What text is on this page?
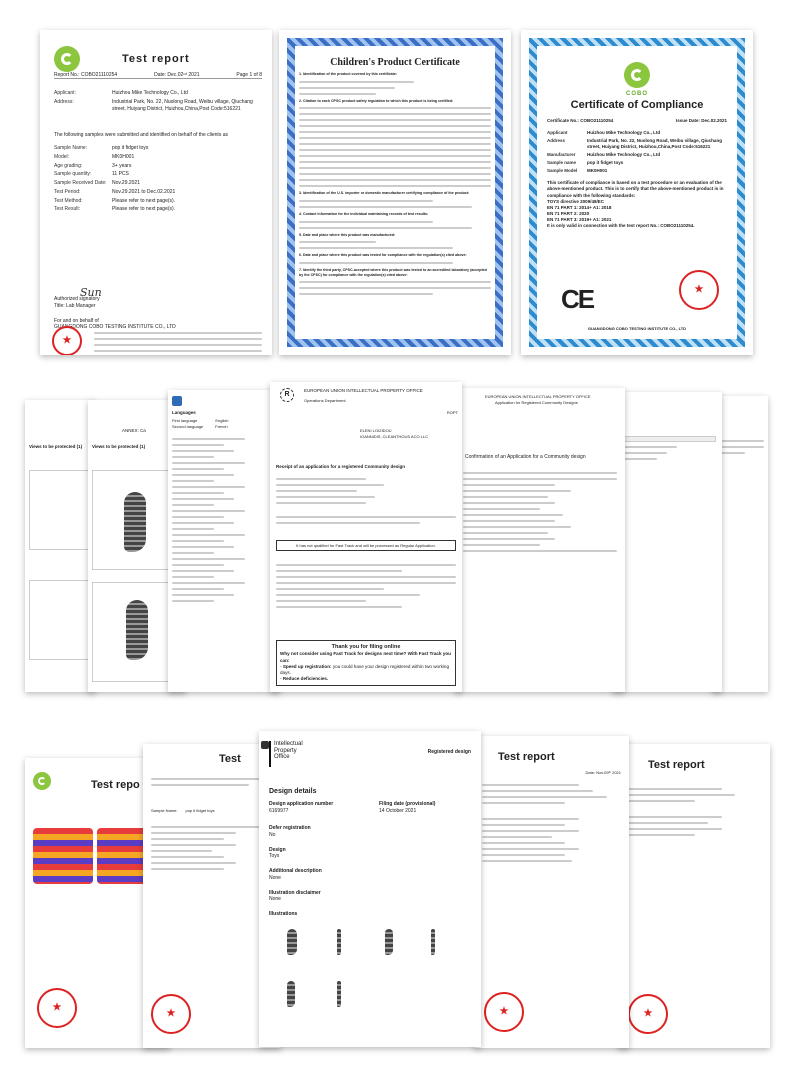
Test report
Report No.: COBO21110254	Date: Dec.02ⁿᵈ 2021	Page 1 of 8
Applicant:	Huizhou Mike Technology Co., Ltd
Address:	Industrial Park, No. 22, Nuolong Road, Weibu village, Qiuchang street, Huiyang District, Huizhou,China,Post Code:516221
The following samples were submitted and identified on behalf of the clients as
Sample Name:	pop it fidget toys
Model:	MK0H001
Age grading:	3+ years
Sample quantity:	11 PCS
Sample Received Date:	Nov.29.2021
Test Period:	Nov.29.2021 to Dec.02.2021
Test Method:	Please refer to next page(s).
Test Result:	Please refer to next page(s).
Authorized signatory
Title: Lab Manager
For and on behalf of
GUANGDONG COBO TESTING INSTITUTE CO., LTD
Sun
★
Children's Product Certificate
1. Identification of the product covered by this certificate:
2. Citation to each CPSC product safety regulation to which this product is being certified:
3. Identification of the U.S. importer or domestic manufacturer certifying compliance of the product:
4. Contact information for the individual maintaining records of test results:
5. Date and place where this product was manufactured:
6. Date and place where this product was tested for compliance with the regulation(s) cited above:
7. Identify the third party, CPSC-accepted where this product was tested to an accredited laboratory (accepted by the CPSC) for compliance with the regulation(s) cited above:
COBO
Certificate of Compliance
Certificate No.: COBO21110254	Issue Date: Dec.02.2021
Applicant	Huizhou Mike Technology Co., Ltd
Address	Industrial Park, No. 22, Nuolong Road, Weibu village, Qiuchang street, Huiyang District, Huizhou,China,Post Code:516221
Manufacturer	Huizhou Mike Technology Co., Ltd
Sample name	pop it fidget toys
Sample Model	MK0H001
This certificate of compliance is based on a test procedure or an evaluation of the above-mentioned product. This is to certify that the above-mentioned product is in compliance with the following standards:
TOYS directive 2009/48/EC
EN 71 PART 1: 2014+ A1: 2018
EN 71 PART 2: 2020
EN 71 PART 3: 2019+ A1: 2021
It is only valid in connection with the test report No.: COBO21110254.
CE	★
GUANGDONG COBO TESTING INSTITUTE CO., LTD
Views to be protected (1)
ANNEX: Ca
Views to be protected (1)
Languages
First language	English
Second language	French
R
EUROPEAN UNION INTELLECTUAL PROPERTY OFFICE
Operations Department
ROPT
ELENI LOIZIDOU
IOANNIDIS, CLEANTHOUS ACO LLC
Receipt of an application for a registered Community design
It has not qualified for Fast Track and will be processed as Regular Application.
Thank you for filing online
Why not consider using Fast Track for designs next time? With Fast Track you can:
- Speed up registration: you could have your design registered within two working days.
- Reduce deficiencies.
EUROPEAN UNION INTELLECTUAL PROPERTY OFFICE
Application for Registered Community Designs
Confirmation of an Application for a Community design
Test repo
★
Test
Sample Name: pop it fidget toys
★
Intellectual
Property
Office
Registered design
Design details
Design application number
6169977
Filing date (provisional)
14 October 2021
Defer registration
No
Design
Toys
Additional description
None
Illustration disclaimer
None
Illustrations
Test report
Date: Nov.09ᵗʰ 2021
★
Test report
★
